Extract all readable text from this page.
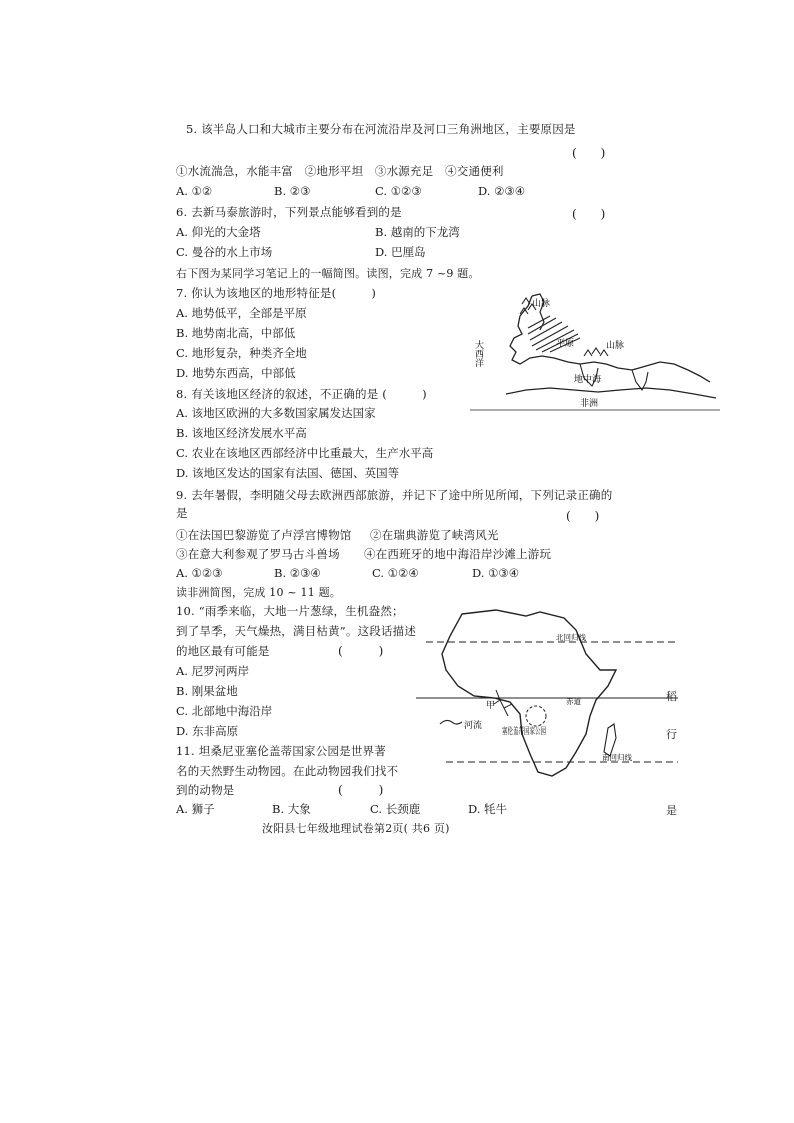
5. 该半岛人口和大城市主要分布在河流沿岸及河口三角洲地区，主要原因是
(　　)
①水流湍急，水能丰富　②地形平坦　③水源充足　④交通便利
A. ①②	B. ②③	C. ①②③	D. ②③④
6. 去新马泰旅游时，下列景点能够看到的是	(　　)
A. 仰光的大金塔	B. 越南的下龙湾
C. 曼谷的水上市场	D. 巴厘岛
右下图为某同学习笔记上的一幅简图。读图，完成 7 ~9 题。
7. 你认为该地区的地形特征是(　　　)
A. 地势低平，全部是平原
B. 地势南北高，中部低
C. 地形复杂，种类齐全地
D. 地势东西高，中部低
8. 有关该地区经济的叙述，不正确的是 (　　　)
A. 该地区欧洲的大多数国家属发达国家
B. 该地区经济发展水平高
C. 农业在该地区西部经济中比重最大，生产水平高
D. 该地区发达的国家有法国、德国、英国等
9. 去年暑假，李明随父母去欧洲西部旅游，并记下了途中所见所闻，下列记录正确的
是	(　　)
①在法国巴黎游览了卢浮宫博物馆 ②在瑞典游览了峡湾风光
③在意大利参观了罗马古斗兽场 ④在西班牙的地中海沿岸沙滩上游玩
A. ①②③	B. ②③④	C. ①②④	D. ①③④
读非洲简图，完成 10 ~ 11 题。
10. “雨季来临，大地一片葱绿，生机盎然；
到了旱季，天气燥热，满目枯黄”。这段话描述
的地区最有可能是	(　　　)
A. 尼罗河两岸
B. 刚果盆地
C. 北部地中海沿岸
D. 东非高原
11. 坦桑尼亚塞伦盖蒂国家公园是世界著
名的天然野生动物园。在此动物园我们找不
到的动物是	(　　　)
A. 狮子	B. 大象	C. 长颈鹿	D. 牦牛
汝阳县七年级地理试卷第2页( 共6 页)
稻
行
是
山脉
平原	山脉
大西洋
地中海
非洲
河流
甲
塞伦盖蒂国家公园
北回归线
赤道
南回归线
